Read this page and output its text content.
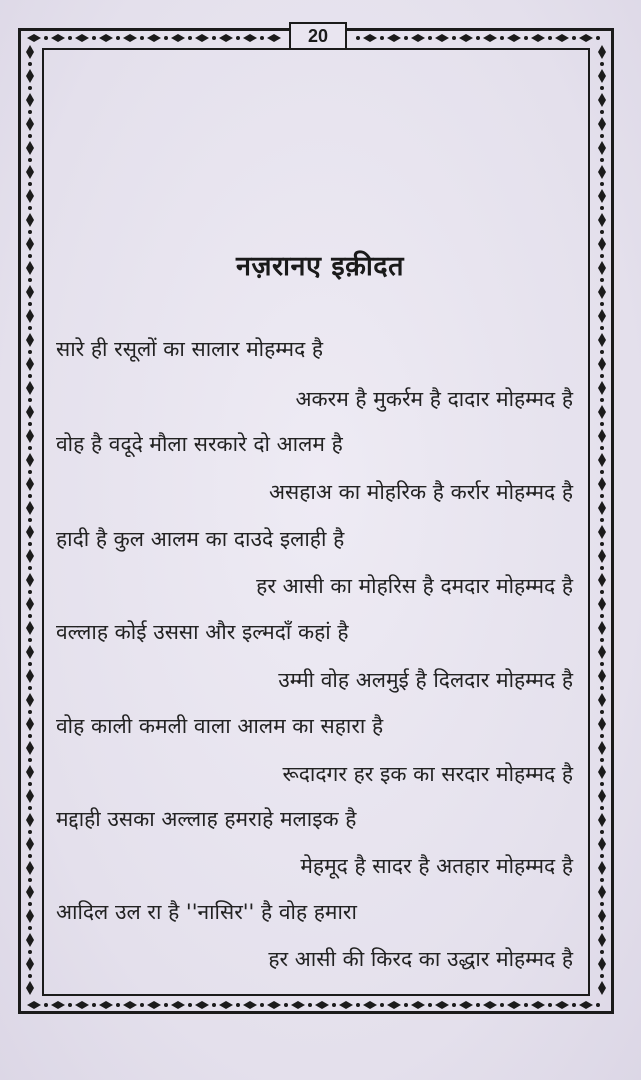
20
नज़रानए इक़ीदत
सारे ही रसूलों का सालार मोहम्मद है
अकरम है मुकर्रम है दादार मोहम्मद है
वोह है वदूदे मौला सरकारे दो आलम है
असहाअ का मोहरिक है कर्रार मोहम्मद है
हादी है कुल आलम का दाउदे इलाही है
हर आसी का मोहरिस है दमदार मोहम्मद है
वल्लाह कोई उससा और इल्मदाँ कहां है
उम्मी वोह अलमुई है दिलदार मोहम्मद है
वोह काली कमली वाला आलम का सहारा है
रूदादगर हर इक का सरदार मोहम्मद है
मद्दाही उसका अल्लाह हमराहे मलाइक है
मेहमूद है सादर है अतहार मोहम्मद है
आदिल उल रा है ''नासिर'' है वोह हमारा
हर आसी की किरद का उद्धार मोहम्मद है
